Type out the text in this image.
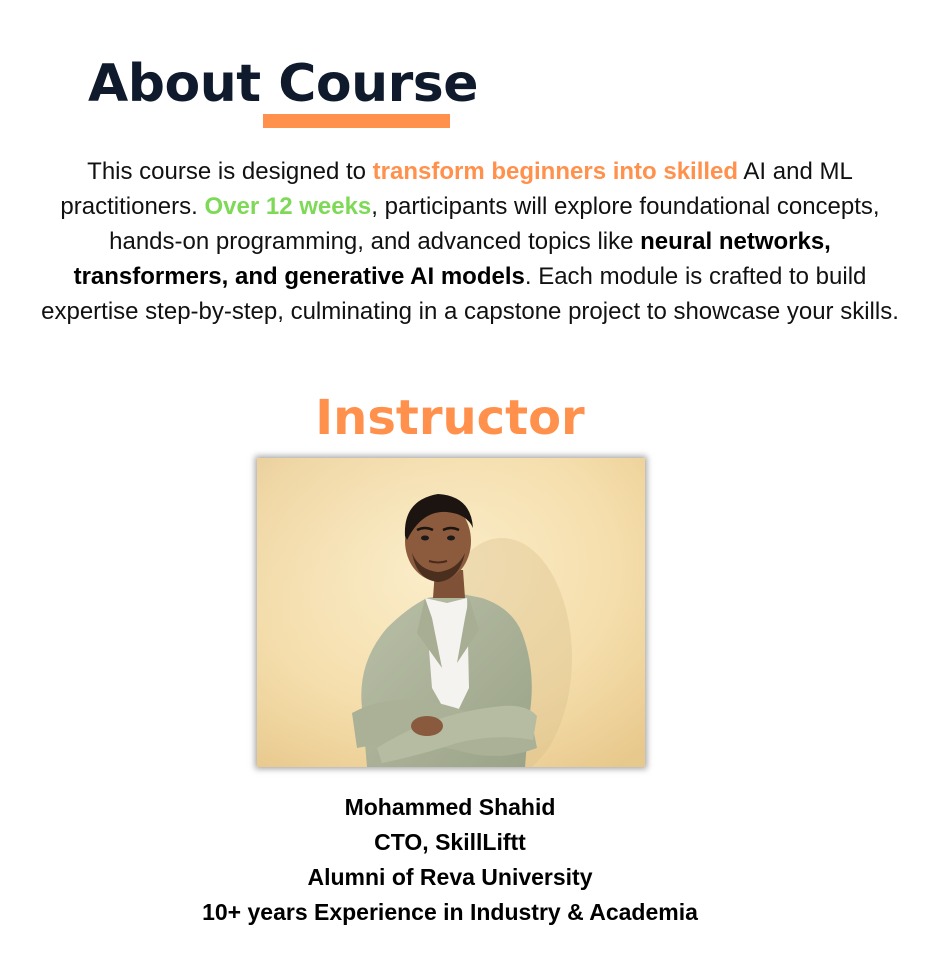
About Course

This course is designed to transform beginners into skilled AI and ML practitioners. Over 12 weeks, participants will explore foundational concepts, hands-on programming, and advanced topics like neural networks, transformers, and generative AI models. Each module is crafted to build expertise step-by-step, culminating in a capstone project to showcase your skills.

Instructor
Mohammed Shahid
CTO, SkillLiftt
Alumni of Reva University
10+ years Experience in Industry & Academia
